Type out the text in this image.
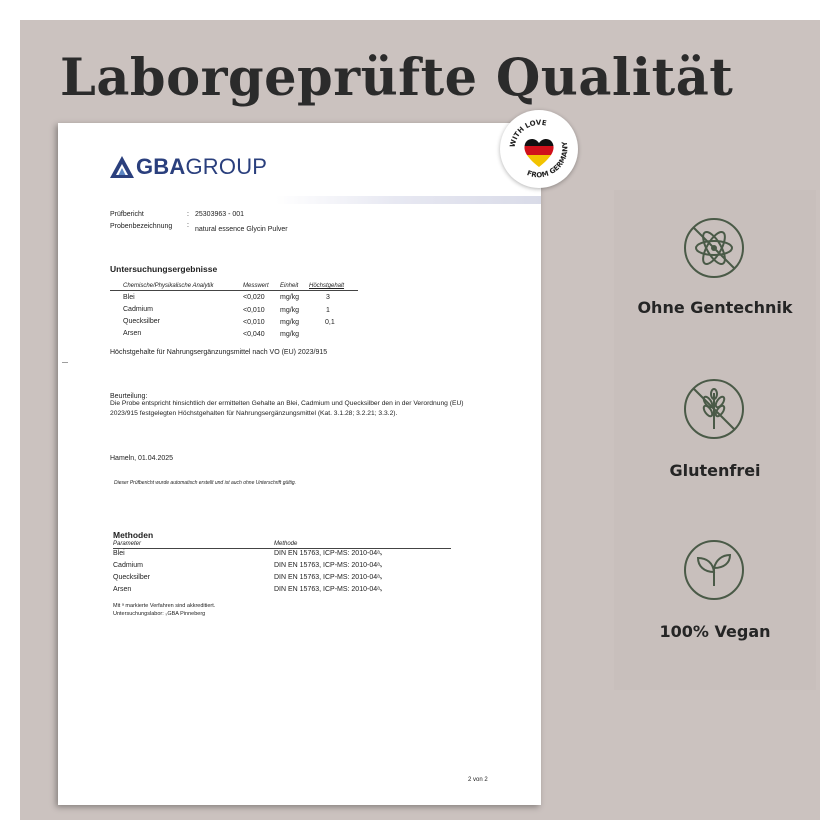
Laborgeprüfte Qualität
GBAGROUP
Prüfbericht	: 25303963 - 001
Probenbezeichnung :
natural essence Glycin Pulver
Untersuchungsergebnisse
Chemische/Physikalische Analytik	Messwert Einheit Höchstgehalt
Blei	<0,020 mg/kg	3
Cadmium	<0,010 mg/kg	1
Quecksilber	<0,010 mg/kg	0,1
Arsen	<0,040 mg/kg
Höchstgehalte für Nahrungsergänzungsmittel nach VO (EU) 2023/915
—
Beurteilung:
Die Probe entspricht hinsichtlich der ermittelten Gehalte an Blei, Cadmium und Quecksilber den in der Verordnung (EU) 2023/915 festgelegten Höchstgehalten für Nahrungsergänzungsmittel (Kat. 3.1.28; 3.2.21; 3.3.2).
Hameln, 01.04.2025
Dieser Prüfbericht wurde automatisch erstellt und ist auch ohne Unterschrift gültig.
Methoden
Parameter	Methode
Blei	DIN EN 15763, ICP-MS: 2010-04ᵃₛ
Cadmium	DIN EN 15763, ICP-MS: 2010-04ᵃₛ
Quecksilber	DIN EN 15763, ICP-MS: 2010-04ᵃₛ
Arsen	DIN EN 15763, ICP-MS: 2010-04ᵃₛ
Mit ᵃ markierte Verfahren sind akkreditiert.
Untersuchungslabor: ₛGBA Pinneberg
2 von 2
WITH LOVE
FROM GERMANY
Ohne Gentechnik
Glutenfrei
100% Vegan
